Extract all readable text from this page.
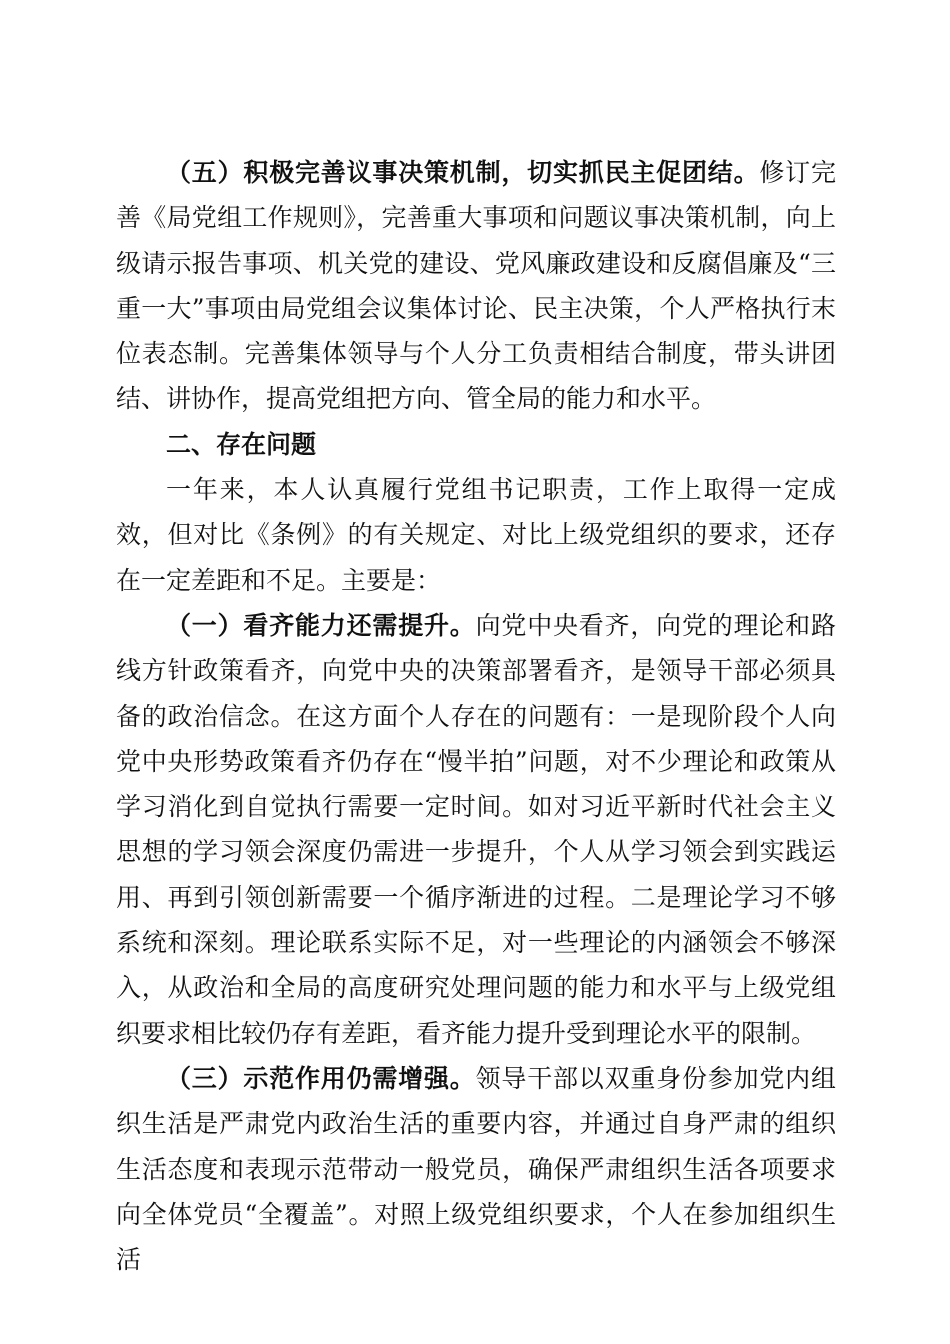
（五）积极完善议事决策机制，切实抓民主促团结。修订完善《局党组工作规则》，完善重大事项和问题议事决策机制，向上级请示报告事项、机关党的建设、党风廉政建设和反腐倡廉及“三重一大”事项由局党组会议集体讨论、民主决策，个人严格执行末位表态制。完善集体领导与个人分工负责相结合制度，带头讲团结、讲协作，提高党组把方向、管全局的能力和水平。

二、存在问题

一年来，本人认真履行党组书记职责，工作上取得一定成效，但对比《条例》的有关规定、对比上级党组织的要求，还存在一定差距和不足。主要是：

（一）看齐能力还需提升。向党中央看齐，向党的理论和路线方针政策看齐，向党中央的决策部署看齐，是领导干部必须具备的政治信念。在这方面个人存在的问题有：一是现阶段个人向党中央形势政策看齐仍存在“慢半拍”问题，对不少理论和政策从学习消化到自觉执行需要一定时间。如对习近平新时代社会主义思想的学习领会深度仍需进一步提升，个人从学习领会到实践运用、再到引领创新需要一个循序渐进的过程。二是理论学习不够系统和深刻。理论联系实际不足，对一些理论的内涵领会不够深入，从政治和全局的高度研究处理问题的能力和水平与上级党组织要求相比较仍存有差距，看齐能力提升受到理论水平的限制。

（三）示范作用仍需增强。领导干部以双重身份参加党内组织生活是严肃党内政治生活的重要内容，并通过自身严肃的组织生活态度和表现示范带动一般党员，确保严肃组织生活各项要求向全体党员“全覆盖”。对照上级党组织要求，个人在参加组织生活
